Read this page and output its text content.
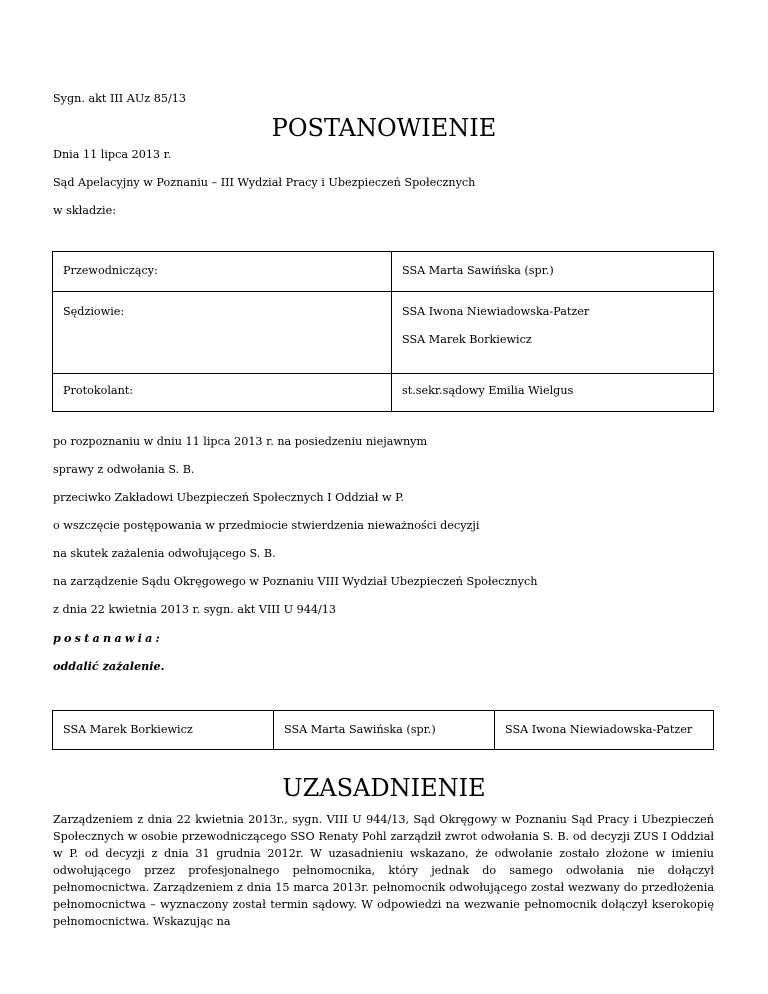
Sygn. akt III AUz 85/13
POSTANOWIENIE
Dnia 11 lipca 2013 r.
Sąd Apelacyjny w Poznaniu – III Wydział Pracy i Ubezpieczeń Społecznych
w składzie:
Przewodniczący:	SSA Marta Sawińska (spr.)

Sędziowie:	SSA Iwona Niewiadowska-Patzer
SSA Marek Borkiewicz

Protokolant:	st.sekr.sądowy Emilia Wielgus
po rozpoznaniu w dniu 11 lipca 2013 r. na posiedzeniu niejawnym
sprawy z odwołania S. B.
przeciwko Zakładowi Ubezpieczeń Społecznych I Oddział w P.
o wszczęcie postępowania w przedmiocie stwierdzenia nieważności decyzji
na skutek zażalenia odwołującego S. B.
na zarządzenie Sądu Okręgowego w Poznaniu VIII Wydział Ubezpieczeń Społecznych
z dnia 22 kwietnia 2013 r. sygn. akt VIII U 944/13
postanawia:
oddalić zażalenie.
SSA Marek Borkiewicz	SSA Marta Sawińska (spr.)	SSA Iwona Niewiadowska-Patzer
UZASADNIENIE
Zarządzeniem z dnia 22 kwietnia 2013r., sygn. VIII U 944/13, Sąd Okręgowy w Poznaniu Sąd Pracy i Ubezpieczeń Społecznych w osobie przewodniczącego SSO Renaty Pohl zarządził zwrot odwołania S. B. od decyzji ZUS I Oddział w P. od decyzji z dnia 31 grudnia 2012r. W uzasadnieniu wskazano, że odwołanie zostało złożone w imieniu odwołującego przez profesjonalnego pełnomocnika, który jednak do samego odwołania nie dołączył pełnomocnictwa. Zarządzeniem z dnia 15 marca 2013r. pełnomocnik odwołującego został wezwany do przedłożenia pełnomocnictwa – wyznaczony został termin sądowy. W odpowiedzi na wezwanie pełnomocnik dołączył kserokopię pełnomocnictwa. Wskazując na
